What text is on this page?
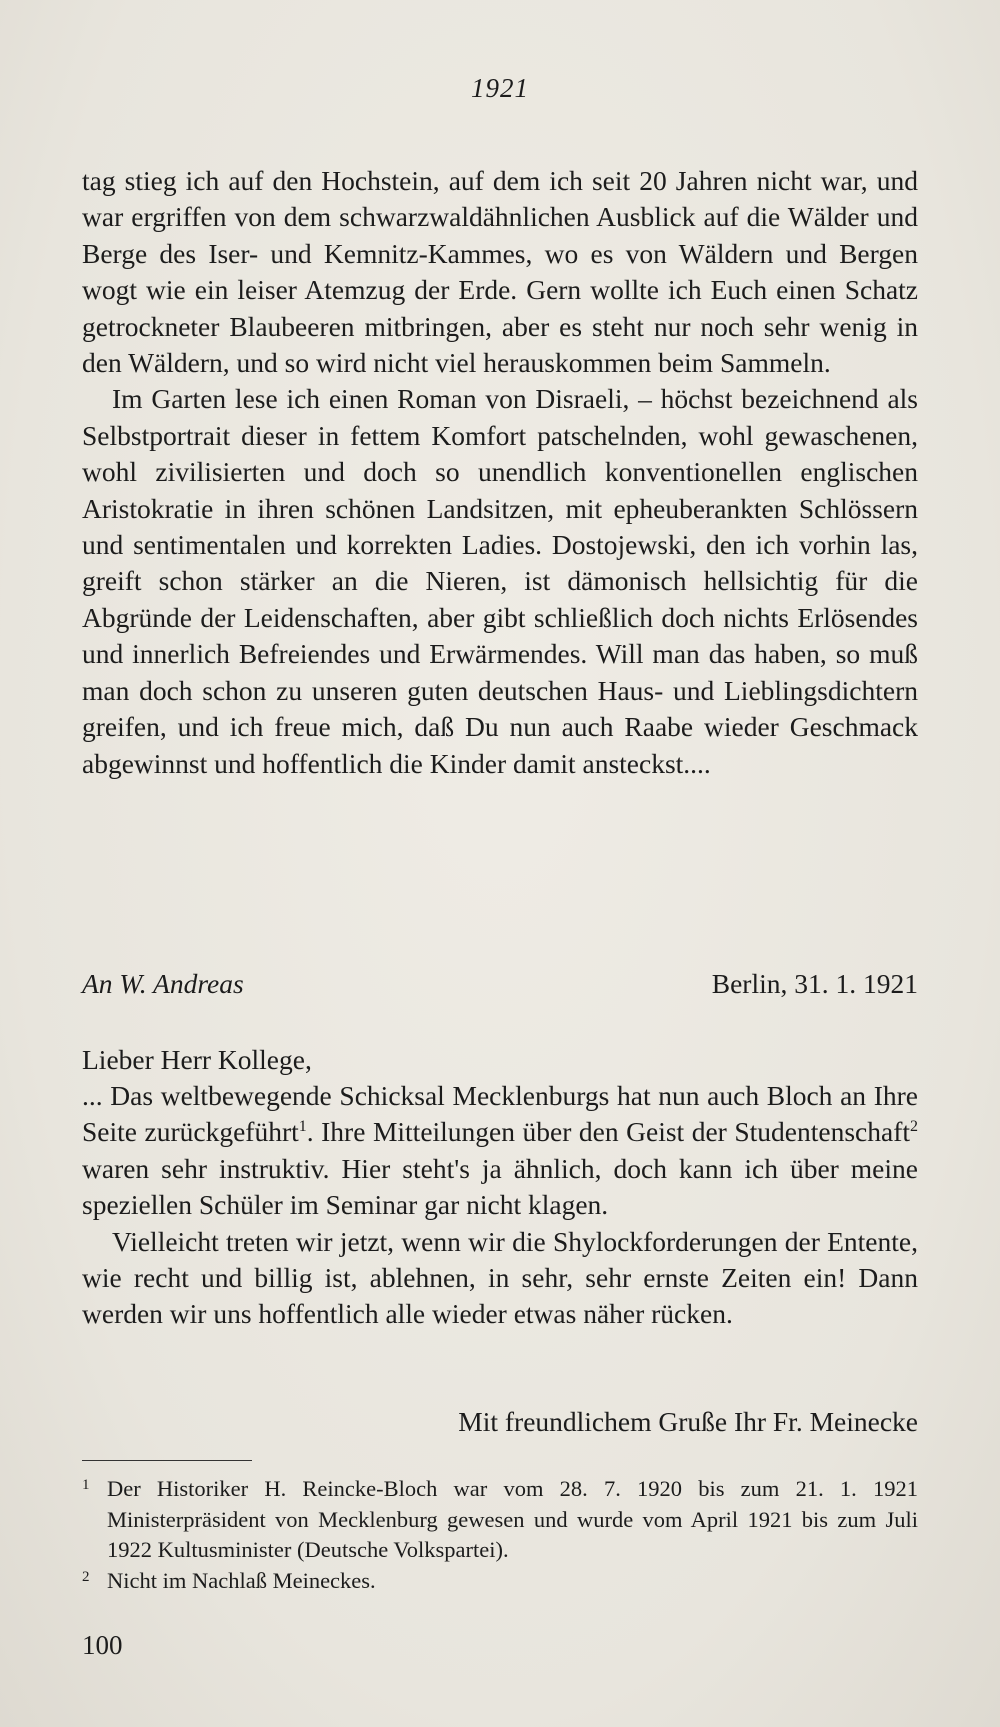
1921

tag stieg ich auf den Hochstein, auf dem ich seit 20 Jahren nicht war, und war ergriffen von dem schwarzwaldähnlichen Ausblick auf die Wälder und Berge des Iser- und Kemnitz-Kammes, wo es von Wäldern und Bergen wogt wie ein leiser Atemzug der Erde. Gern wollte ich Euch einen Schatz getrockneter Blaubeeren mitbringen, aber es steht nur noch sehr wenig in den Wäldern, und so wird nicht viel herauskommen beim Sammeln.

Im Garten lese ich einen Roman von Disraeli, – höchst bezeichnend als Selbstportrait dieser in fettem Komfort patschelnden, wohl gewaschenen, wohl zivilisierten und doch so unendlich konventionellen englischen Aristokratie in ihren schönen Landsitzen, mit epheuberankten Schlössern und sentimentalen und korrekten Ladies. Dostojewski, den ich vorhin las, greift schon stärker an die Nieren, ist dämonisch hellsichtig für die Abgründe der Leidenschaften, aber gibt schließlich doch nichts Erlösendes und innerlich Befreiendes und Erwärmendes. Will man das haben, so muß man doch schon zu unseren guten deutschen Haus- und Lieblingsdichtern greifen, und ich freue mich, daß Du nun auch Raabe wieder Geschmack abgewinnst und hoffentlich die Kinder damit ansteckst....

An W. Andreas	Berlin, 31. 1. 1921
Lieber Herr Kollege,

... Das weltbewegende Schicksal Mecklenburgs hat nun auch Bloch an Ihre Seite zurückgeführt$^1$. Ihre Mitteilungen über den Geist der Studentenschaft$^2$ waren sehr instruktiv. Hier steht's ja ähnlich, doch kann ich über meine speziellen Schüler im Seminar gar nicht klagen.

Vielleicht treten wir jetzt, wenn wir die Shylockforderungen der Entente, wie recht und billig ist, ablehnen, in sehr, sehr ernste Zeiten ein! Dann werden wir uns hoffentlich alle wieder etwas näher rücken.

Mit freundlichem Gruße Ihr Fr. Meinecke
1 Der Historiker H. Reincke-Bloch war vom 28. 7. 1920 bis zum 21. 1. 1921 Ministerpräsident von Mecklenburg gewesen und wurde vom April 1921 bis zum Juli 1922 Kultusminister (Deutsche Volkspartei).
2 Nicht im Nachlaß Meineckes.
100
